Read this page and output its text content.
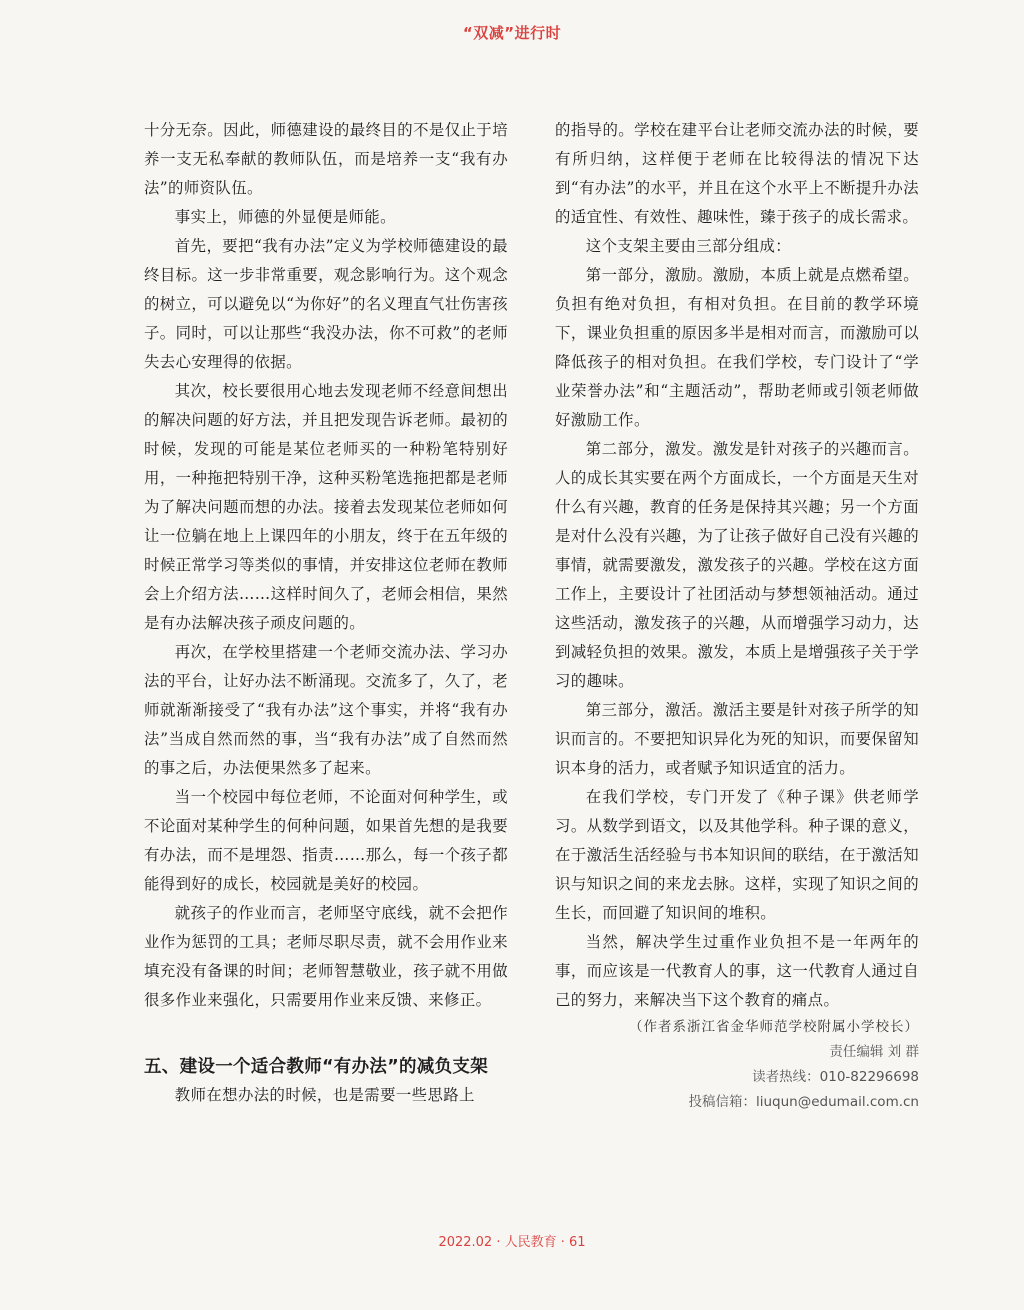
“双减”进行时

十分无奈。因此，师德建设的最终目的不是仅止于培养一支无私奉献的教师队伍，而是培养一支“我有办法”的师资队伍。

事实上，师德的外显便是师能。

首先，要把“我有办法”定义为学校师德建设的最终目标。这一步非常重要，观念影响行为。这个观念的树立，可以避免以“为你好”的名义理直气壮伤害孩子。同时，可以让那些“我没办法，你不可救”的老师失去心安理得的依据。

其次，校长要很用心地去发现老师不经意间想出的解决问题的好方法，并且把发现告诉老师。最初的时候，发现的可能是某位老师买的一种粉笔特别好用，一种拖把特别干净，这种买粉笔选拖把都是老师为了解决问题而想的办法。接着去发现某位老师如何让一位躺在地上上课四年的小朋友，终于在五年级的时候正常学习等类似的事情，并安排这位老师在教师会上介绍方法……这样时间久了，老师会相信，果然是有办法解决孩子顽皮问题的。

再次，在学校里搭建一个老师交流办法、学习办法的平台，让好办法不断涌现。交流多了，久了，老师就渐渐接受了“我有办法”这个事实，并将“我有办法”当成自然而然的事，当“我有办法”成了自然而然的事之后，办法便果然多了起来。

当一个校园中每位老师，不论面对何种学生，或不论面对某种学生的何种问题，如果首先想的是我要有办法，而不是埋怨、指责……那么，每一个孩子都能得到好的成长，校园就是美好的校园。

就孩子的作业而言，老师坚守底线，就不会把作业作为惩罚的工具；老师尽职尽责，就不会用作业来填充没有备课的时间；老师智慧敬业，孩子就不用做很多作业来强化，只需要用作业来反馈、来修正。

五、建设一个适合教师“有办法”的减负支架

教师在想办法的时候，也是需要一些思路上

的指导的。学校在建平台让老师交流办法的时候，要有所归纳，这样便于老师在比较得法的情况下达到“有办法”的水平，并且在这个水平上不断提升办法的适宜性、有效性、趣味性，臻于孩子的成长需求。

这个支架主要由三部分组成：

第一部分，激励。激励，本质上就是点燃希望。负担有绝对负担，有相对负担。在目前的教学环境下，课业负担重的原因多半是相对而言，而激励可以降低孩子的相对负担。在我们学校，专门设计了“学业荣誉办法”和“主题活动”，帮助老师或引领老师做好激励工作。

第二部分，激发。激发是针对孩子的兴趣而言。人的成长其实要在两个方面成长，一个方面是天生对什么有兴趣，教育的任务是保持其兴趣；另一个方面是对什么没有兴趣，为了让孩子做好自己没有兴趣的事情，就需要激发，激发孩子的兴趣。学校在这方面工作上，主要设计了社团活动与梦想领袖活动。通过这些活动，激发孩子的兴趣，从而增强学习动力，达到减轻负担的效果。激发，本质上是增强孩子关于学习的趣味。

第三部分，激活。激活主要是针对孩子所学的知识而言的。不要把知识异化为死的知识，而要保留知识本身的活力，或者赋予知识适宜的活力。

在我们学校，专门开发了《种子课》供老师学习。从数学到语文，以及其他学科。种子课的意义，在于激活生活经验与书本知识间的联结，在于激活知识与知识之间的来龙去脉。这样，实现了知识之间的生长，而回避了知识间的堆积。

当然，解决学生过重作业负担不是一年两年的事，而应该是一代教育人的事，这一代教育人通过自己的努力，来解决当下这个教育的痛点。

（作者系浙江省金华师范学校附属小学校长）

责任编辑 刘 群

读者热线：010-82296698

投稿信箱：liuqun@edumail.com.cn

2022.02 · 人民教育 · 61
